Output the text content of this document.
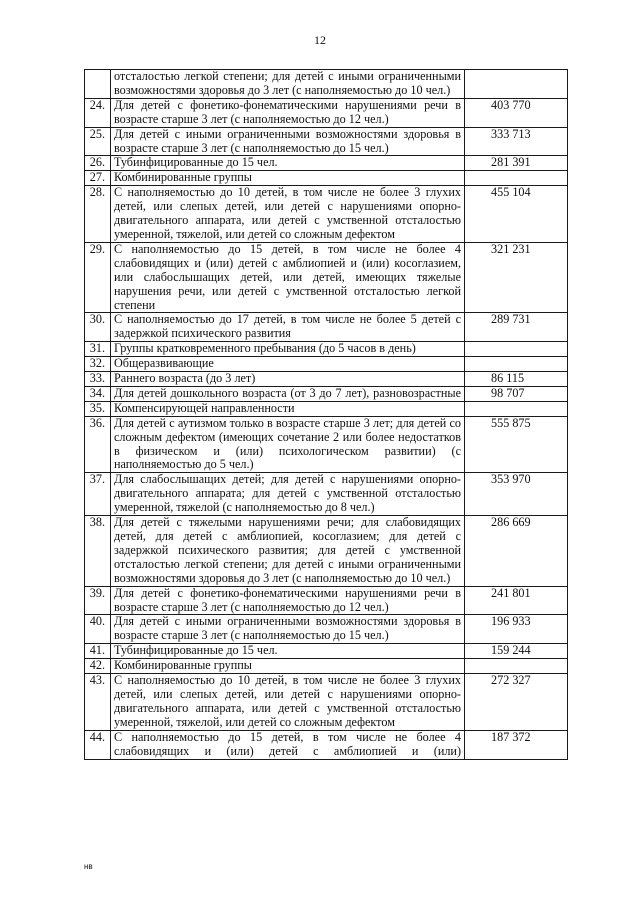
12
	отсталостью легкой степени; для детей с иными ограниченными возможностями здоровья до 3 лет (с наполняемостью до 10 чел.)	
24.	Для детей с фонетико-фонематическими нарушениями речи в возрасте старше 3 лет (с наполняемостью до 12 чел.)	403 770
25.	Для детей с иными ограниченными возможностями здоровья в возрасте старше 3 лет (с наполняемостью до 15 чел.)	333 713
26.	Тубинфицированные до 15 чел.	281 391
27.	Комбинированные группы	
28.	С наполняемостью до 10 детей, в том числе не более 3 глухих детей, или слепых детей, или детей с нарушениями опорно-двигательного аппарата, или детей с умственной отсталостью умеренной, тяжелой, или детей со сложным дефектом	455 104
29.	С наполняемостью до 15 детей, в том числе не более 4 слабовидящих и (или) детей с амблиопией и (или) косоглазием, или слабослышащих детей, или детей, имеющих тяжелые нарушения речи, или детей с умственной отсталостью легкой степени	321 231
30.	С наполняемостью до 17 детей, в том числе не более 5 детей с задержкой психического развития	289 731
31.	Группы кратковременного пребывания (до 5 часов в день)	
32.	Общеразвивающие	
33.	Раннего возраста (до 3 лет)	86 115
34.	Для детей дошкольного возраста (от 3 до 7 лет), разновозрастные	98 707
35.	Компенсирующей направленности	
36.	Для детей с аутизмом только в возрасте старше 3 лет; для детей со сложным дефектом (имеющих сочетание 2 или более недостатков в физическом и (или) психологическом развитии) (с наполняемостью до 5 чел.)	555 875
37.	Для слабослышащих детей; для детей с нарушениями опорно-двигательного аппарата; для детей с умственной отсталостью умеренной, тяжелой (с наполняемостью до 8 чел.)	353 970
38.	Для детей с тяжелыми нарушениями речи; для слабовидящих детей, для детей с амблиопией, косоглазием; для детей с задержкой психического развития; для детей с умственной отсталостью легкой степени; для детей с иными ограниченными возможностями здоровья до 3 лет (с наполняемостью до 10 чел.)	286 669
39.	Для детей с фонетико-фонематическими нарушениями речи в возрасте старше 3 лет (с наполняемостью до 12 чел.)	241 801
40.	Для детей с иными ограниченными возможностями здоровья в возрасте старше 3 лет (с наполняемостью до 15 чел.)	196 933
41.	Тубинфицированные до 15 чел.	159 244
42.	Комбинированные группы	
43.	С наполняемостью до 10 детей, в том числе не более 3 глухих детей, или слепых детей, или детей с нарушениями опорно-двигательного аппарата, или детей с умственной отсталостью умеренной, тяжелой, или детей со сложным дефектом	272 327
44.	С наполняемостью до 15 детей, в том числе не более 4 слабовидящих и (или) детей с амблиопией и (или)	187 372
нв
